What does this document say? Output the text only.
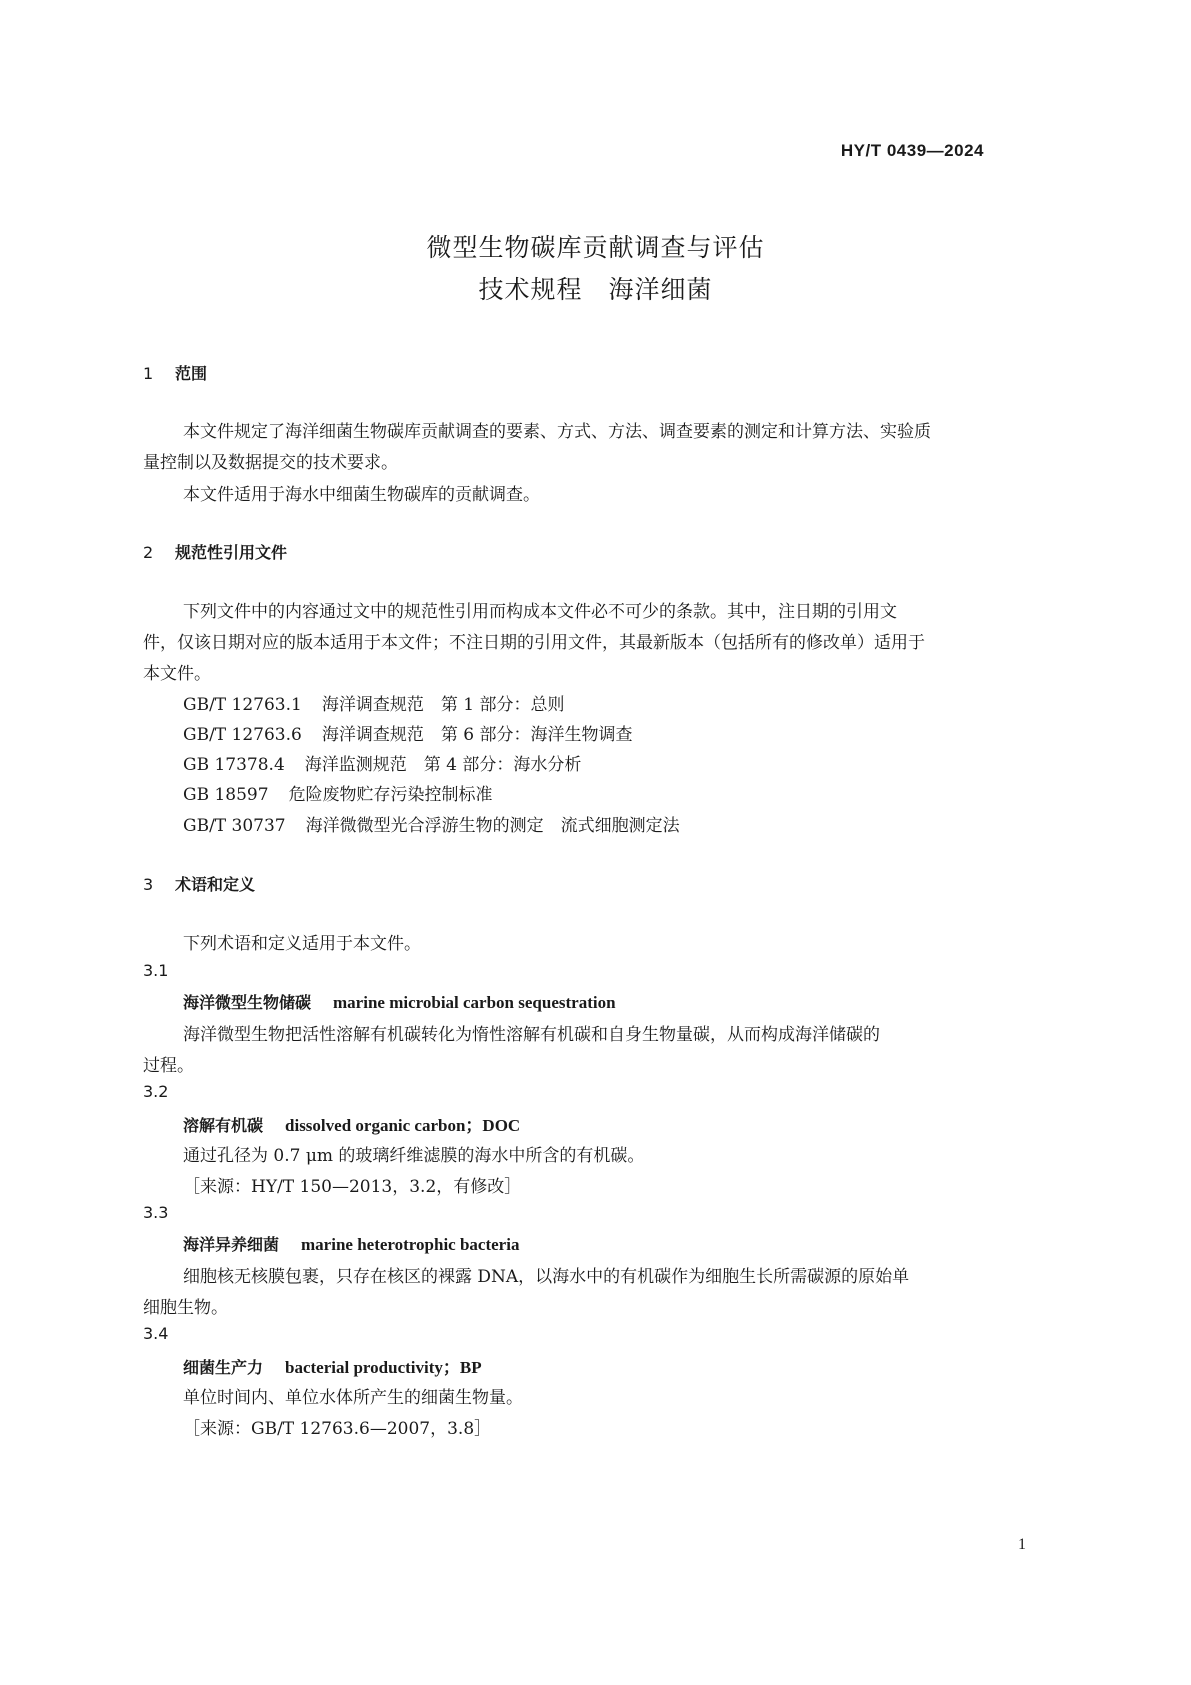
HY/T 0439—2024
微型生物碳库贡献调查与评估
技术规程　海洋细菌
1 范围
本文件规定了海洋细菌生物碳库贡献调查的要素、方式、方法、调查要素的测定和计算方法、实验质
量控制以及数据提交的技术要求。
本文件适用于海水中细菌生物碳库的贡献调查。
2 规范性引用文件
下列文件中的内容通过文中的规范性引用而构成本文件必不可少的条款。其中，注日期的引用文
件，仅该日期对应的版本适用于本文件；不注日期的引用文件，其最新版本（包括所有的修改单）适用于
本文件。
GB/T 12763.1 海洋调查规范　第 1 部分：总则
GB/T 12763.6 海洋调查规范　第 6 部分：海洋生物调查
GB 17378.4 海洋监测规范　第 4 部分：海水分析
GB 18597 危险废物贮存污染控制标准
GB/T 30737 海洋微微型光合浮游生物的测定　流式细胞测定法
3 术语和定义
下列术语和定义适用于本文件。
3.1
海洋微型生物储碳 marine microbial carbon sequestration
海洋微型生物把活性溶解有机碳转化为惰性溶解有机碳和自身生物量碳，从而构成海洋储碳的
过程。
3.2
溶解有机碳 dissolved organic carbon；DOC
通过孔径为 0.7 μm 的玻璃纤维滤膜的海水中所含的有机碳。
［来源：HY/T 150—2013，3.2，有修改］
3.3
海洋异养细菌 marine heterotrophic bacteria
细胞核无核膜包裹，只存在核区的裸露 DNA，以海水中的有机碳作为细胞生长所需碳源的原始单
细胞生物。
3.4
细菌生产力 bacterial productivity；BP
单位时间内、单位水体所产生的细菌生物量。
［来源：GB/T 12763.6—2007，3.8］
1
